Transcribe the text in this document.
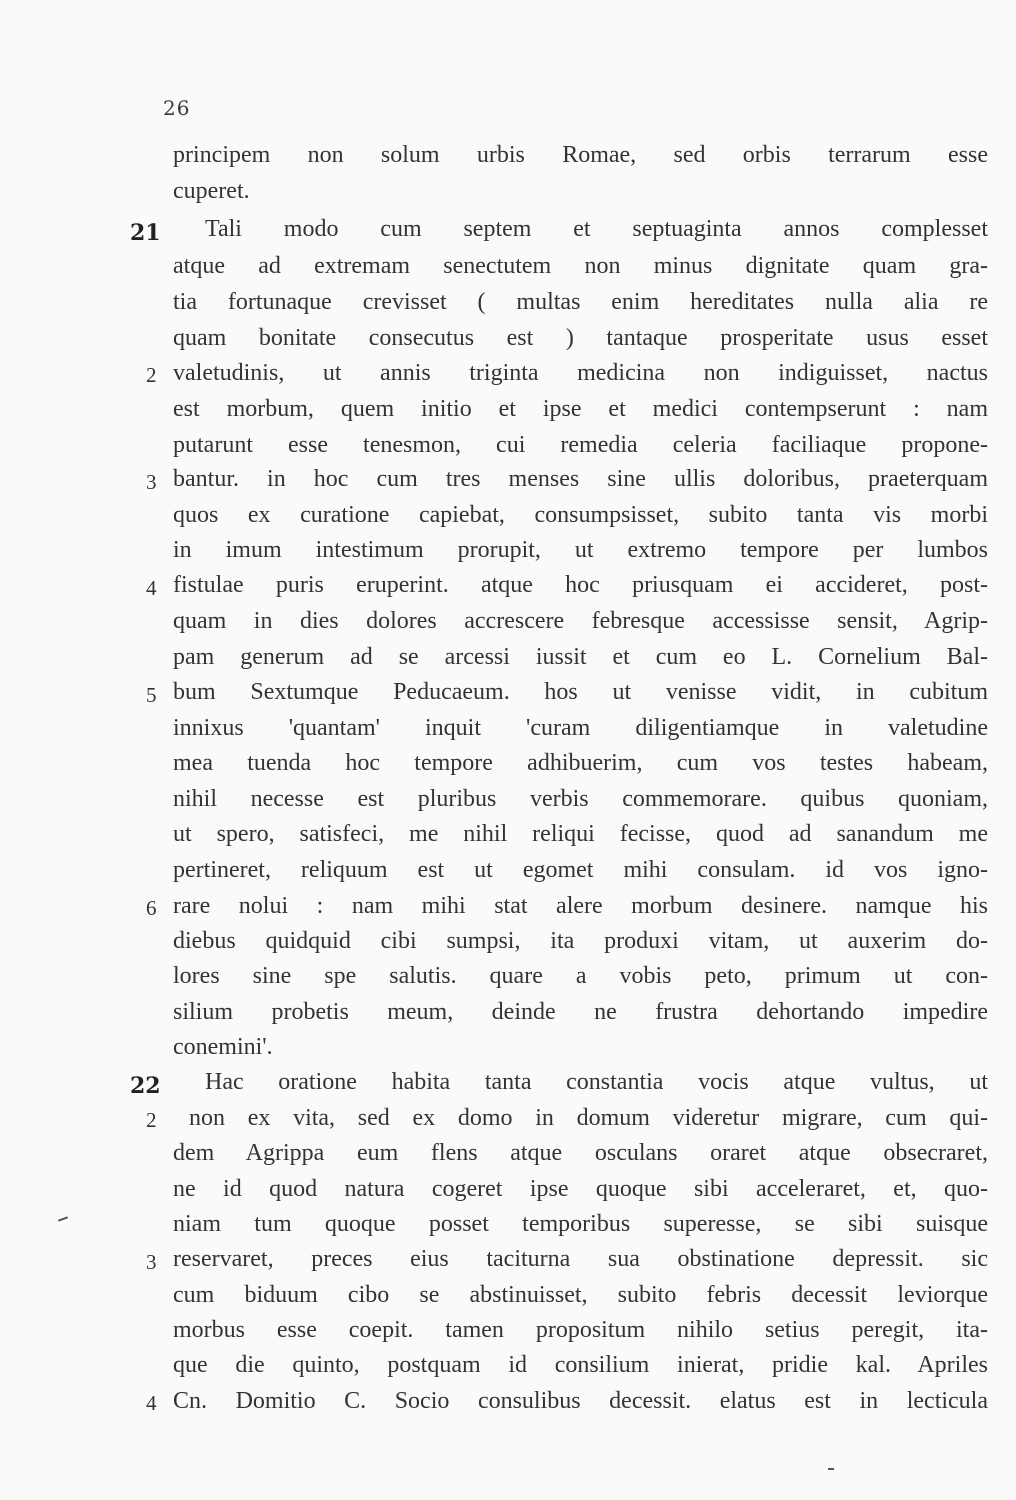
26
principem non solum urbis Romae, sed orbis terrarum esse
cuperet.
21 Tali modo cum septem et septuaginta annos complesset
atque ad extremam senectutem non minus dignitate quam gra-
tia fortunaque crevisset ( multas enim hereditates nulla alia re
quam bonitate consecutus est ) tantaque prosperitate usus esset
2 valetudinis, ut annis triginta medicina non indiguisset, nactus
est morbum, quem initio et ipse et medici contempserunt : nam
putarunt esse tenesmon, cui remedia celeria faciliaque propone-
3 bantur. in hoc cum tres menses sine ullis doloribus, praeterquam
quos ex curatione capiebat, consumpsisset, subito tanta vis morbi
in imum intestimum prorupit, ut extremo tempore per lumbos
4 fistulae puris eruperint. atque hoc priusquam ei accideret, post-
quam in dies dolores accrescere febresque accessisse sensit, Agrip-
pam generum ad se arcessi iussit et cum eo L. Cornelium Bal-
5 bum Sextumque Peducaeum. hos ut venisse vidit, in cubitum
innixus 'quantam' inquit 'curam diligentiamque in valetudine
mea tuenda hoc tempore adhibuerim, cum vos testes habeam,
nihil necesse est pluribus verbis commemorare. quibus quoniam,
ut spero, satisfeci, me nihil reliqui fecisse, quod ad sanandum me
pertineret, reliquum est ut egomet mihi consulam. id vos igno-
6 rare nolui : nam mihi stat alere morbum desinere. namque his
diebus quidquid cibi sumpsi, ita produxi vitam, ut auxerim do-
lores sine spe salutis. quare a vobis peto, primum ut con-
silium probetis meum, deinde ne frustra dehortando impedire
conemini'.
22 Hac oratione habita tanta constantia vocis atque vultus, ut
2 non ex vita, sed ex domo in domum videretur migrare, cum qui-
dem Agrippa eum flens atque osculans oraret atque obsecraret,
ne id quod natura cogeret ipse quoque sibi acceleraret, et, quo-
niam tum quoque posset temporibus superesse, se sibi suisque
3 reservaret, preces eius taciturna sua obstinatione depressit. sic
cum biduum cibo se abstinuisset, subito febris decessit leviorque
morbus esse coepit. tamen propositum nihilo setius peregit, ita-
que die quinto, postquam id consilium inierat, pridie kal. Apriles
4 Cn. Domitio C. Socio consulibus decessit. elatus est in lecticula
